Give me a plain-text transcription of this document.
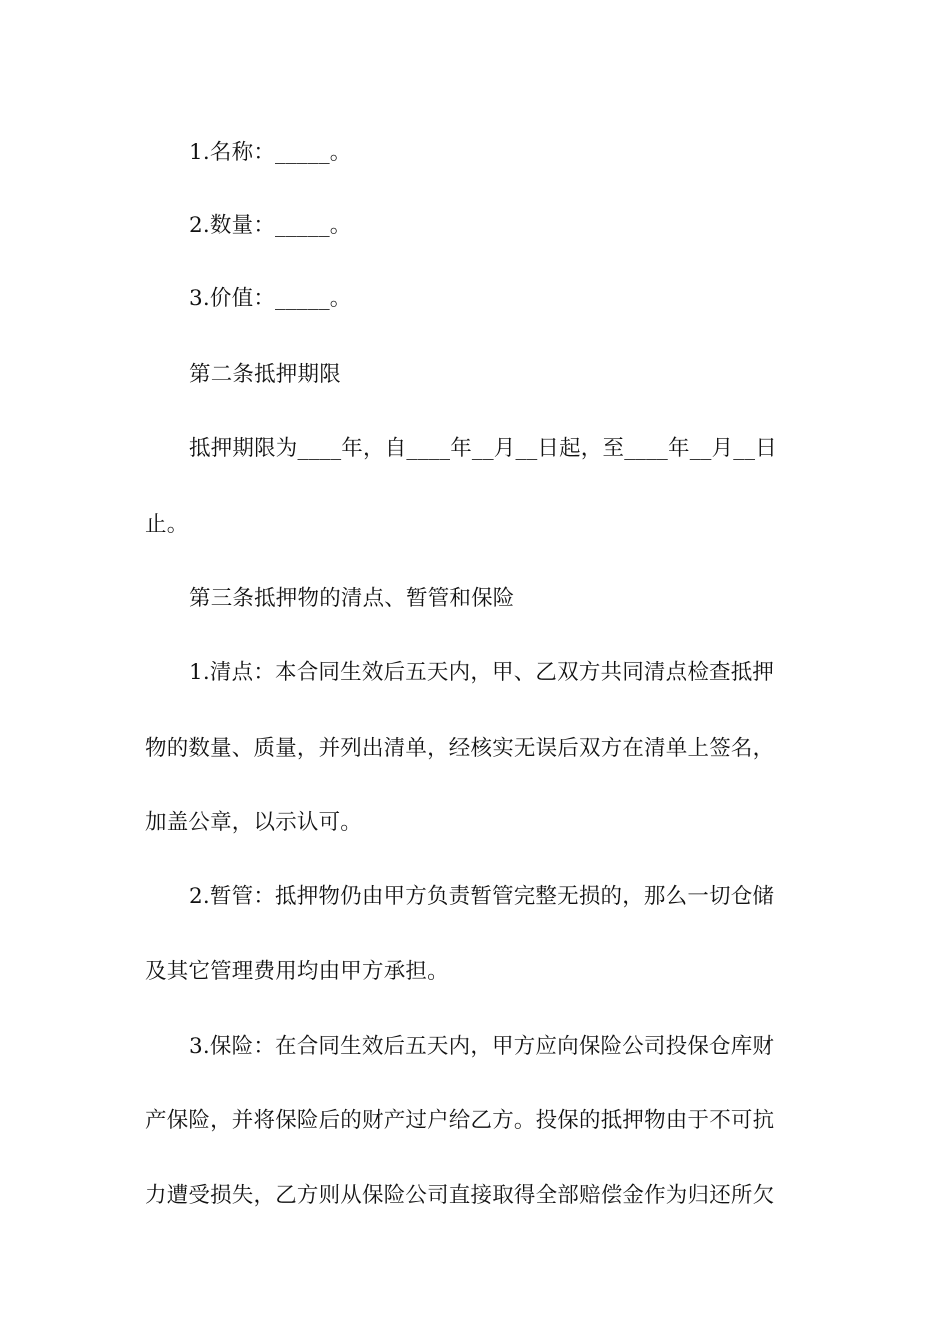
1.名称：_____。
2.数量：_____。
3.价值：_____。
第二条抵押期限
抵押期限为____年，自____年__月__日起，至____年__月__日
止。
第三条抵押物的清点、暂管和保险
1.清点：本合同生效后五天内，甲、乙双方共同清点检查抵押
物的数量、质量，并列出清单，经核实无误后双方在清单上签名，
加盖公章，以示认可。
2.暂管：抵押物仍由甲方负责暂管完整无损的，那么一切仓储
及其它管理费用均由甲方承担。
3.保险：在合同生效后五天内，甲方应向保险公司投保仓库财
产保险，并将保险后的财产过户给乙方。投保的抵押物由于不可抗
力遭受损失，乙方则从保险公司直接取得全部赔偿金作为归还所欠
